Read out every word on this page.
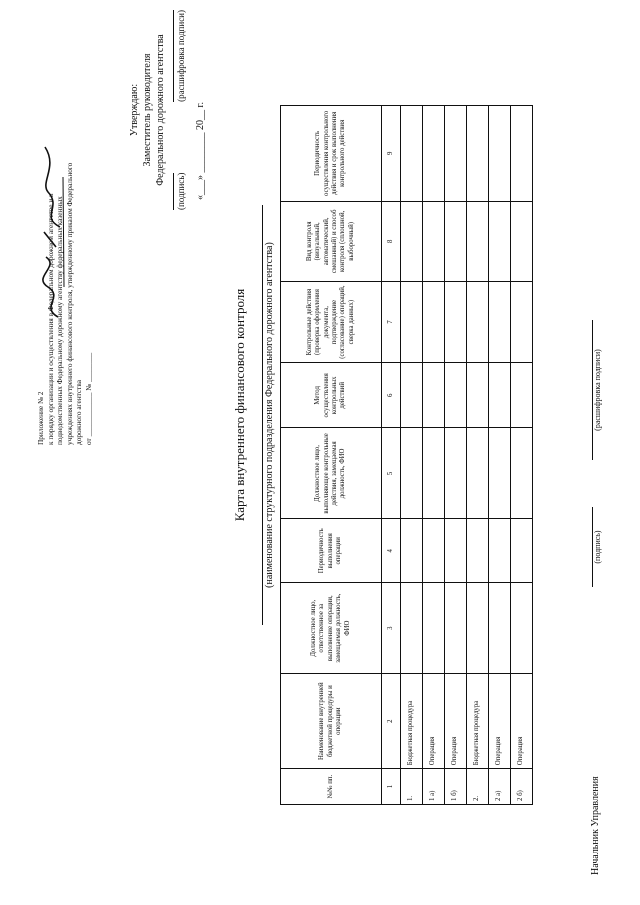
Приложение № 2 к порядку организации и осуществления в Федеральном дорожном агентстве и в подведомственных Федеральному дорожному агентству федеральных казенных учреждениях внутреннего финансового контроля, утвержденному приказом Федерального дорожного агентства от ____________ № ________
Утверждаю: Заместитель руководителя Федерального дорожного агентства
(подпись)
(расшифровка подписи)
«___» ________ 20__ г.
Карта внутреннего финансового контроля (наименование структурного подразделения Федерального дорожного агентства)
№№ пп.	Наименование внутренней бюджетной процедуры и операции	Должностное лицо, ответственное за выполнение операции, замещаемая должность, ФИО	Периодичность выполнения операции	Должностное лицо, выполняющее контрольные действия, замещаемая должность, ФИО	Метод осуществления контрольных действий	Контрольные действия (проверка оформления документа, подтверждение (согласование) операций, сверка данных)	Вид контроля (визуальный, автоматический, смешанный) и способ контроля (сплошной, выборочный)	Периодичность осуществления контрольного действия и срок выполнения контрольного действия
1	2	3	4	5	6	7	8	9
1.	Бюджетная процедура							
1 а)	Операция							
1 б)	Операция							
2.	Бюджетная процедура							
2 а)	Операция							
2 б)	Операция							
Начальник Управления
(подпись)
(расшифровка подписи)
